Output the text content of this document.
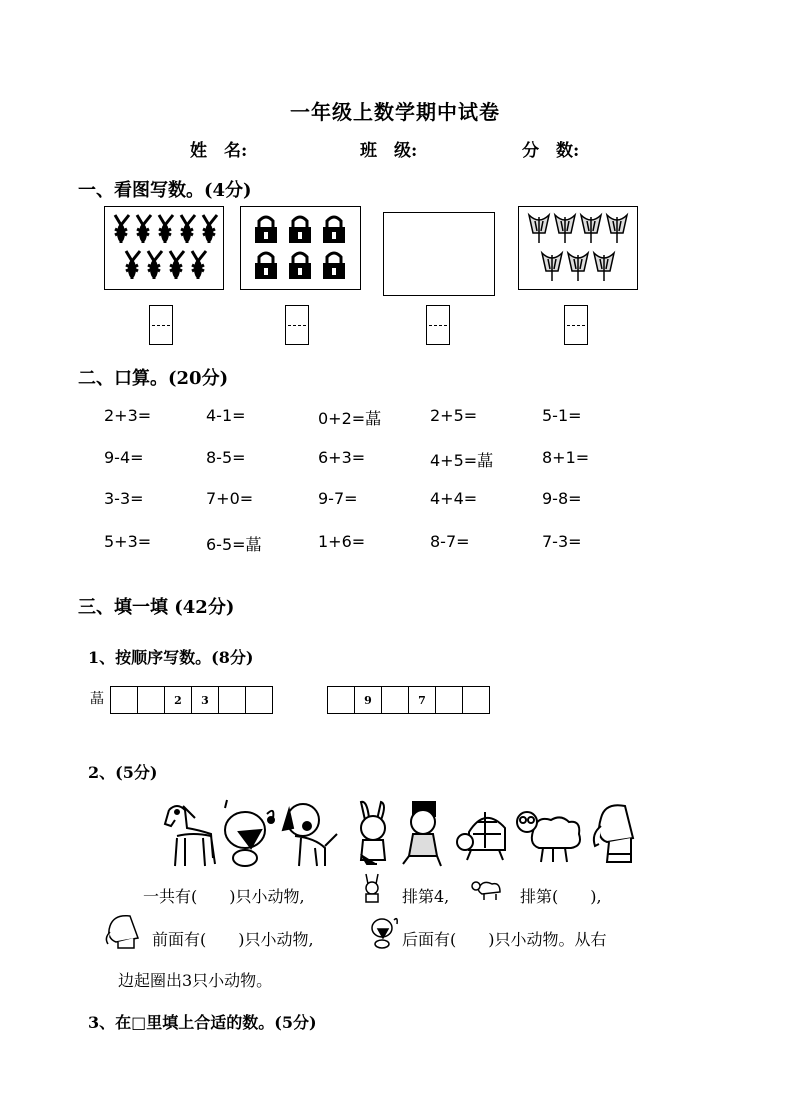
一年级上数学期中试卷
姓　名:	班　级:	分　数:
一、看图写数。(4分)
二、口算。(20分)
2+3=	4-1=	0+2=蕌	2+5=	5-1=
9-4=	8-5=	6+3=	4+5=蕌	8+1=
3-3=	7+0=	9-7=	4+4=	9-8=
5+3=	6-5=蕌	1+6=	8-7=	7-3=
三、填一填 (42分)
1、按顺序写数。(8分)
蕌	2	3	9	7
2、(5分)
一共有(　　)只小动物,	排第4,	排第(　　),
前面有(　　)只小动物,	后面有(　　)只小动物。从右
边起圈出3只小动物。
3、在□里填上合适的数。(5分)
